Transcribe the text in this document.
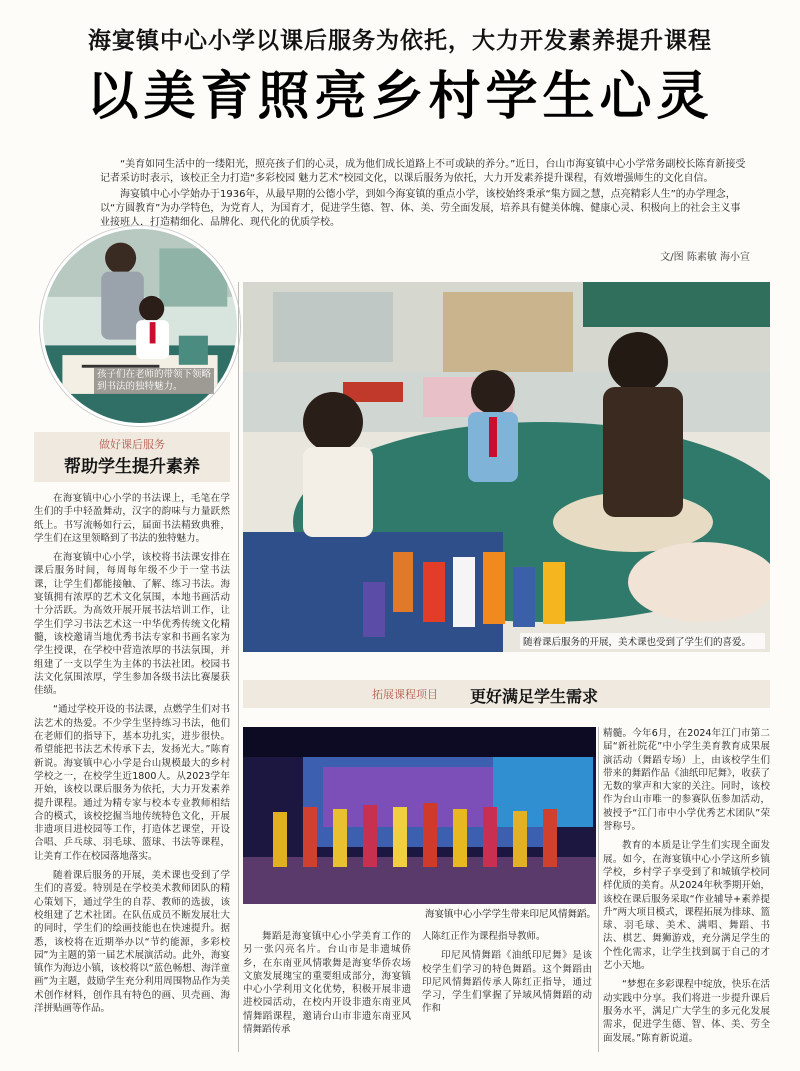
海宴镇中心小学以课后服务为依托，大力开发素养提升课程
以美育照亮乡村学生心灵

“美育如同生活中的一缕阳光，照亮孩子们的心灵，成为他们成长道路上不可或缺的养分。”近日，台山市海宴镇中心小学常务副校长陈育新接受记者采访时表示，该校正全力打造“多彩校园 魅力艺术”校园文化，以课后服务为依托，大力开发素养提升课程，有效增强师生的文化自信。

海宴镇中心小学始办于1936年，从最早期的公德小学，到如今海宴镇的重点小学，该校始终秉承“集方圆之慧，点亮精彩人生”的办学理念，以“方圆教育”为办学特色，为党育人，为国育才，促进学生德、智、体、美、劳全面发展，培养具有健美体魄、健康心灵、积极向上的社会主义事业接班人，打造精细化、品牌化、现代化的优质学校。

文/图 陈素敏 海小宣
孩子们在老师的带领下领略到书法的独特魅力。
做好课后服务
帮助学生提升素养

在海宴镇中心小学的书法课上，毛笔在学生们的手中轻盈舞动，汉字的韵味与力量跃然纸上。书写流畅如行云，届面书法精致典雅，学生们在这里领略到了书法的独特魅力。

在海宴镇中心小学，该校将书法课安排在课后服务时间，每周每年级不少于一堂书法课，让学生们都能接触、了解、练习书法。海宴镇拥有浓厚的艺术文化氛围，本地书画活动十分活跃。为高效开展开展书法培训工作，让学生们学习书法艺术这一中华优秀传统文化精髓，该校邀请当地优秀书法专家和书画名家为学生授课，在学校中营造浓厚的书法氛围，并组建了一支以学生为主体的书法社团。校园书法文化氛围浓厚，学生参加各级书法比赛屡获佳绩。

“通过学校开设的书法课，点燃学生们对书法艺术的热爱。不少学生坚持练习书法，他们在老师们的指导下，基本功扎实，进步很快。希望能把书法艺术传承下去，发扬光大。”陈育新说。海宴镇中心小学是台山规模最大的乡村学校之一，在校学生近1800人。从2023学年开始，该校以课后服务为依托，大力开发素养提升课程。通过为精专家与校本专业教师相结合的模式，该校挖掘当地传统特色文化，开展非遗项目进校园等工作，打造体艺课堂，开设合唱、乒乓球、羽毛球、篮球、书法等课程，让美育工作在校园落地落实。

随着课后服务的开展，美术课也受到了学生们的喜爱。特别是在学校美术教师团队的精心策划下，通过学生的自荐、教师的选拔，该校组建了艺术社团。在队伍成员不断发展壮大的同时，学生们的绘画技能也在快速提升。据悉，该校将在近期举办以“节约能源，多彩校园”为主题的第一届艺术展演活动。此外，海宴镇作为海边小镇，该校将以“蓝色畅想、海洋童画”为主题，鼓励学生充分利用周围物品作为美术创作材料，创作具有特色的画、贝壳画、海洋拼贴画等作品。

随着课后服务的开展，美术课也受到了学生们的喜爱。
拓展课程项目 更好满足学生需求
海宴镇中心小学学生带来印尼风情舞蹈。

舞蹈是海宴镇中心小学美育工作的另一张闪亮名片。台山市是非遗城侨乡，在东南亚风情歌舞是海宴华侨农场文旅发展瑰宝的重要组成部分，海宴镇中心小学利用文化优势，积极开展非遗进校园活动，在校内开设非遗东南亚风情舞蹈课程，邀请台山市非遗东南亚风情舞蹈传承

人陈红正作为课程指导教师。

印尼风情舞蹈《油纸印尼舞》是该校学生们学习的特色舞蹈。这个舞蹈由印尼风情舞蹈传承人陈红正指导，通过学习，学生们掌握了异域风情舞蹈的动作和

精髓。今年6月，在2024年江门市第二届“新社院花”中小学生美育教育成果展演活动（舞蹈专场）上，由该校学生们带来的舞蹈作品《油纸印尼舞》，收获了无数的掌声和大家的关注。同时，该校作为台山市唯一的参赛队伍参加活动，被授予“江门市中小学优秀艺术团队”荣誉称号。

教育的本质是让学生们实现全面发展。如今，在海宴镇中心小学这所乡镇学校，乡村学子享受到了和城镇学校同样优质的美育。从2024年秋季期开始，该校在课后服务采取“作业辅导+素养提升”两大项目模式，课程拓展为排球、篮球、羽毛球、美术、满唱、舞蹈、书法、棋艺、舞狮游戏，充分满足学生的个性化需求，让学生找到属于自己的才艺小天地。

“梦想在多彩课程中绽放，快乐在活动实践中分享。我们将进一步提升课后服务水平，满足广大学生的多元化发展需求，促进学生德、智、体、美、劳全面发展。”陈育新说道。
